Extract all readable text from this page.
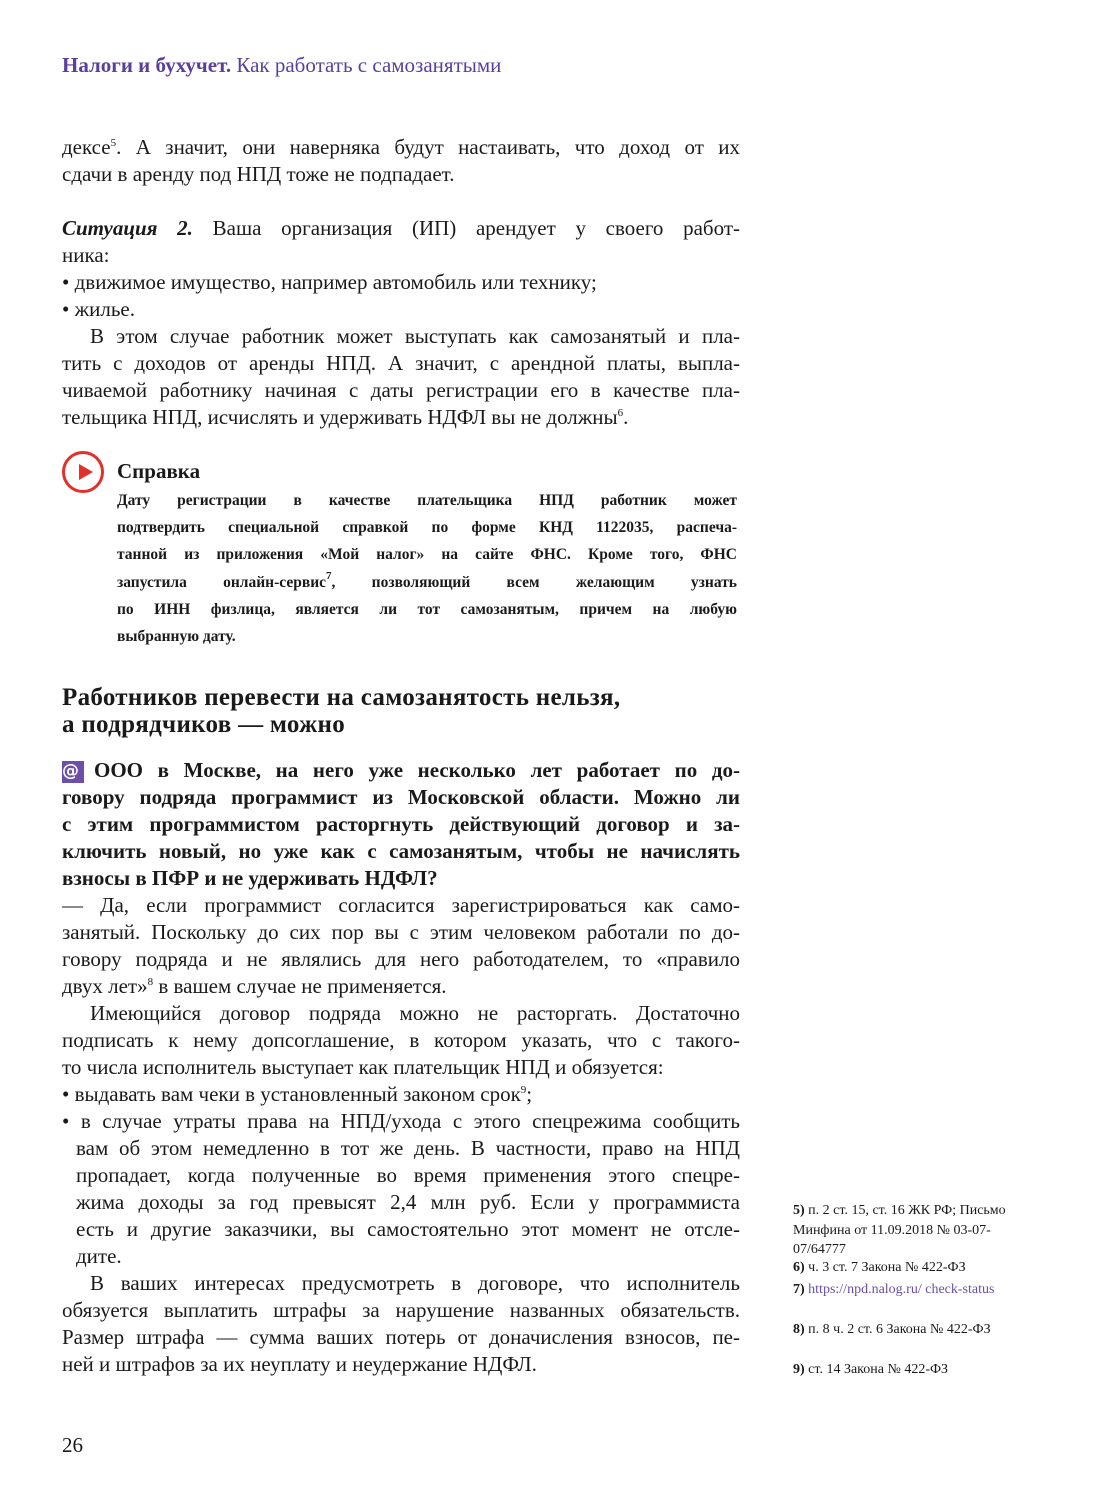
Налоги и бухучет. Как работать с самозанятыми
дексе$^5$. А значит, они наверняка будут настаивать, что доход от их
сдачи в аренду под НПД тоже не подпадает.
Ситуация 2. Ваша организация (ИП) арендует у своего работ-
ника:
• движимое имущество, например автомобиль или технику;
• жилье.
В этом случае работник может выступать как самозанятый и пла-
тить с доходов от аренды НПД. А значит, с арендной платы, выпла-
чиваемой работнику начиная с даты регистрации его в качестве пла-
тельщика НПД, исчислять и удерживать НДФЛ вы не должны$^6$.
Работников перевести на самозанятость нельзя,
а подрядчиков — можно
@ ООО в Москве, на него уже несколько лет работает по до-
говору подряда программист из Московской области. Можно ли
с этим программистом расторгнуть действующий договор и за-
ключить новый, но уже как с самозанятым, чтобы не начислять
взносы в ПФР и не удерживать НДФЛ?
— Да, если программист согласится зарегистрироваться как само-
занятый. Поскольку до сих пор вы с этим человеком работали по до-
говору подряда и не являлись для него работодателем, то «правило
двух лет»$^8$ в вашем случае не применяется.
Имеющийся договор подряда можно не расторгать. Достаточно
подписать к нему допсоглашение, в котором указать, что с такого-
то числа исполнитель выступает как плательщик НПД и обязуется:
• выдавать вам чеки в установленный законом срок$^9$;
• в случае утраты права на НПД/ухода с этого спецрежима сообщить
вам об этом немедленно в тот же день. В частности, право на НПД
пропадает, когда полученные во время применения этого спецре-
жима доходы за год превысят 2,4 млн руб. Если у программиста
есть и другие заказчики, вы самостоятельно этот момент не отсле-
дите.
В ваших интересах предусмотреть в договоре, что исполнитель
обязуется выплатить штрафы за нарушение названных обязательств.
Размер штрафа — сумма ваших потерь от доначисления взносов, пе-
ней и штрафов за их неуплату и неудержание НДФЛ.
Справка
Дату регистрации в качестве плательщика НПД работник может
подтвердить специальной справкой по форме КНД 1122035, распеча-
танной из приложения «Мой налог» на сайте ФНС. Кроме того, ФНС
запустила онлайн-сервис$^7$, позволяющий всем желающим узнать
по ИНН физлица, является ли тот самозанятым, причем на любую
выбранную дату.
5) п. 2 ст. 15, ст. 16 ЖК РФ; Письмо Минфина от 11.09.2018 № 03-07-07/64777
6) ч. 3 ст. 7 Закона № 422-ФЗ
7) https://npd.nalog.ru/ check-status
8) п. 8 ч. 2 ст. 6 Закона № 422-ФЗ
9) ст. 14 Закона № 422-ФЗ
26
